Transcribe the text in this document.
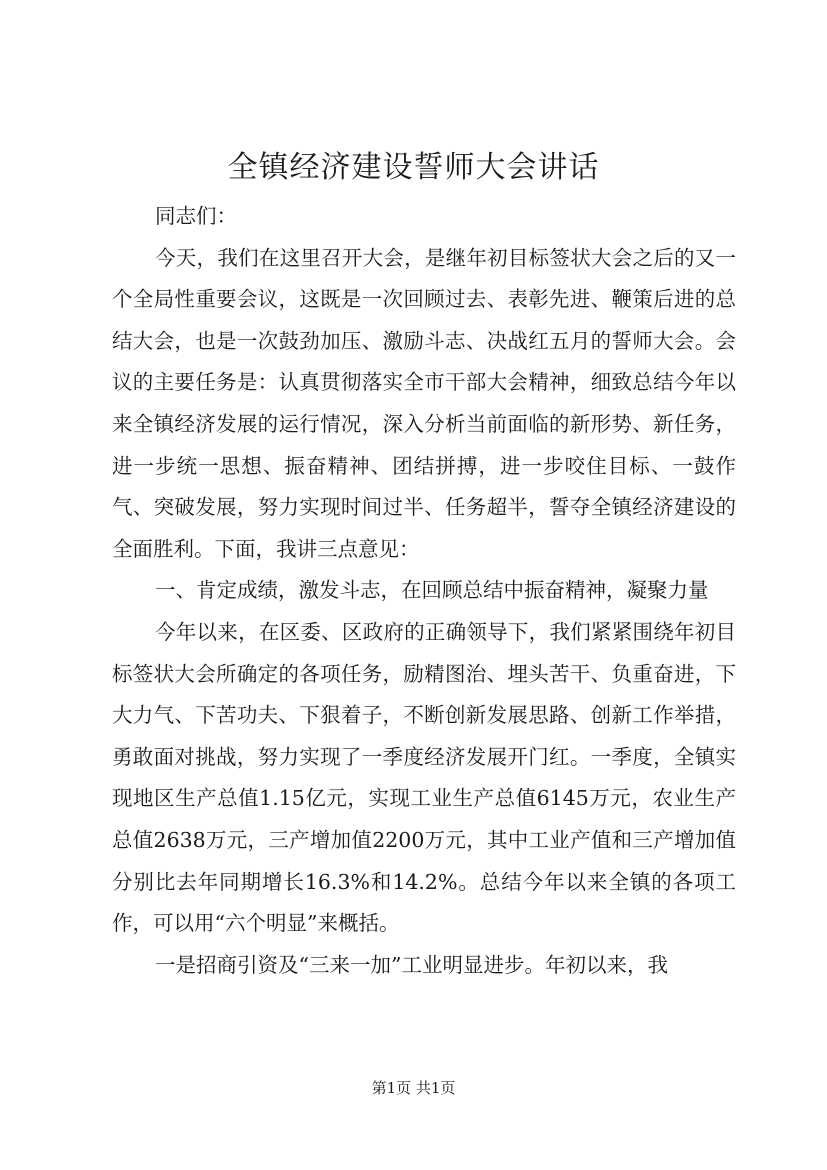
全镇经济建设誓师大会讲话

同志们：

今天，我们在这里召开大会，是继年初目标签状大会之后的又一个全局性重要会议，这既是一次回顾过去、表彰先进、鞭策后进的总结大会，也是一次鼓劲加压、激励斗志、决战红五月的誓师大会。会议的主要任务是：认真贯彻落实全市干部大会精神，细致总结今年以来全镇经济发展的运行情况，深入分析当前面临的新形势、新任务，进一步统一思想、振奋精神、团结拼搏，进一步咬住目标、一鼓作气、突破发展，努力实现时间过半、任务超半，誓夺全镇经济建设的全面胜利。下面，我讲三点意见：

一、肯定成绩，激发斗志，在回顾总结中振奋精神，凝聚力量

今年以来，在区委、区政府的正确领导下，我们紧紧围绕年初目标签状大会所确定的各项任务，励精图治、埋头苦干、负重奋进，下大力气、下苦功夫、下狠着子，不断创新发展思路、创新工作举措，勇敢面对挑战，努力实现了一季度经济发展开门红。一季度，全镇实现地区生产总值1.15亿元，实现工业生产总值6145万元，农业生产总值2638万元，三产增加值2200万元，其中工业产值和三产增加值分别比去年同期增长16.3%和14.2%。总结今年以来全镇的各项工作，可以用“六个明显”来概括。

一是招商引资及“三来一加”工业明显进步。年初以来，我

第1页 共1页
